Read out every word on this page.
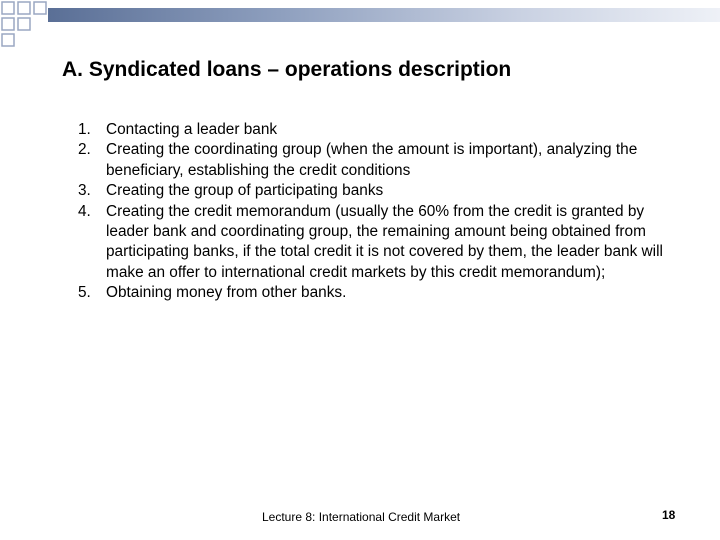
A. Syndicated loans – operations description
1. Contacting a leader bank
2. Creating the coordinating group (when the amount is important), analyzing the beneficiary, establishing the credit conditions
3. Creating the group of participating banks
4. Creating the credit memorandum (usually the 60% from the credit is granted by leader bank and coordinating group, the remaining amount being obtained from participating banks, if the total credit it is not covered by them, the leader bank will make an offer to international credit markets by this credit memorandum);
5. Obtaining money from other banks.
Lecture 8: International Credit Market	18
